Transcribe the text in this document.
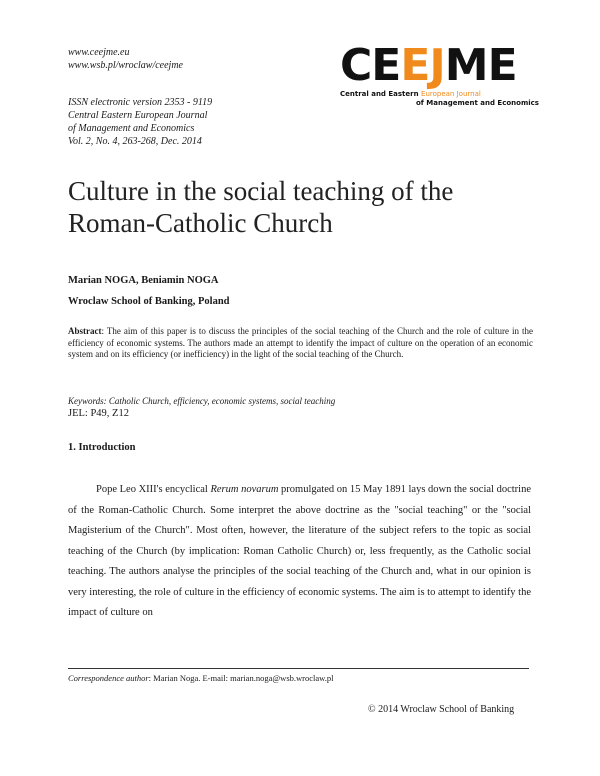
www.ceejme.eu
www.wsb.pl/wroclaw/ceejme
ISSN electronic version 2353 - 9119
Central Eastern European Journal
of Management and Economics
Vol. 2, No. 4, 263-268, Dec. 2014
CEEJME
Central and Eastern European Journal
of Management and Economics
Culture in the social teaching of the Roman-Catholic Church
Marian NOGA, Beniamin NOGA
Wroclaw School of Banking, Poland
Abstract: The aim of this paper is to discuss the principles of the social teaching of the Church and the role of culture in the efficiency of economic systems. The authors made an attempt to identify the impact of culture on the operation of an economic system and on its efficiency (or inefficiency) in the light of the social teaching of the Church.
Keywords: Catholic Church, efficiency, economic systems, social teaching
JEL: P49, Z12
1. Introduction

Pope Leo XIII's encyclical Rerum novarum promulgated on 15 May 1891 lays down the social doctrine of the Roman-Catholic Church. Some interpret the above doctrine as the "social teaching" or the "social Magisterium of the Church". Most often, however, the literature of the subject refers to the topic as social teaching of the Church (by implication: Roman Catholic Church) or, less frequently, as the Catholic social teaching. The authors analyse the principles of the social teaching of the Church and, what in our opinion is very interesting, the role of culture in the efficiency of economic systems. The aim is to attempt to identify the impact of culture on

Correspondence author: Marian Noga. E-mail: marian.noga@wsb.wroclaw.pl
© 2014 Wroclaw School of Banking
